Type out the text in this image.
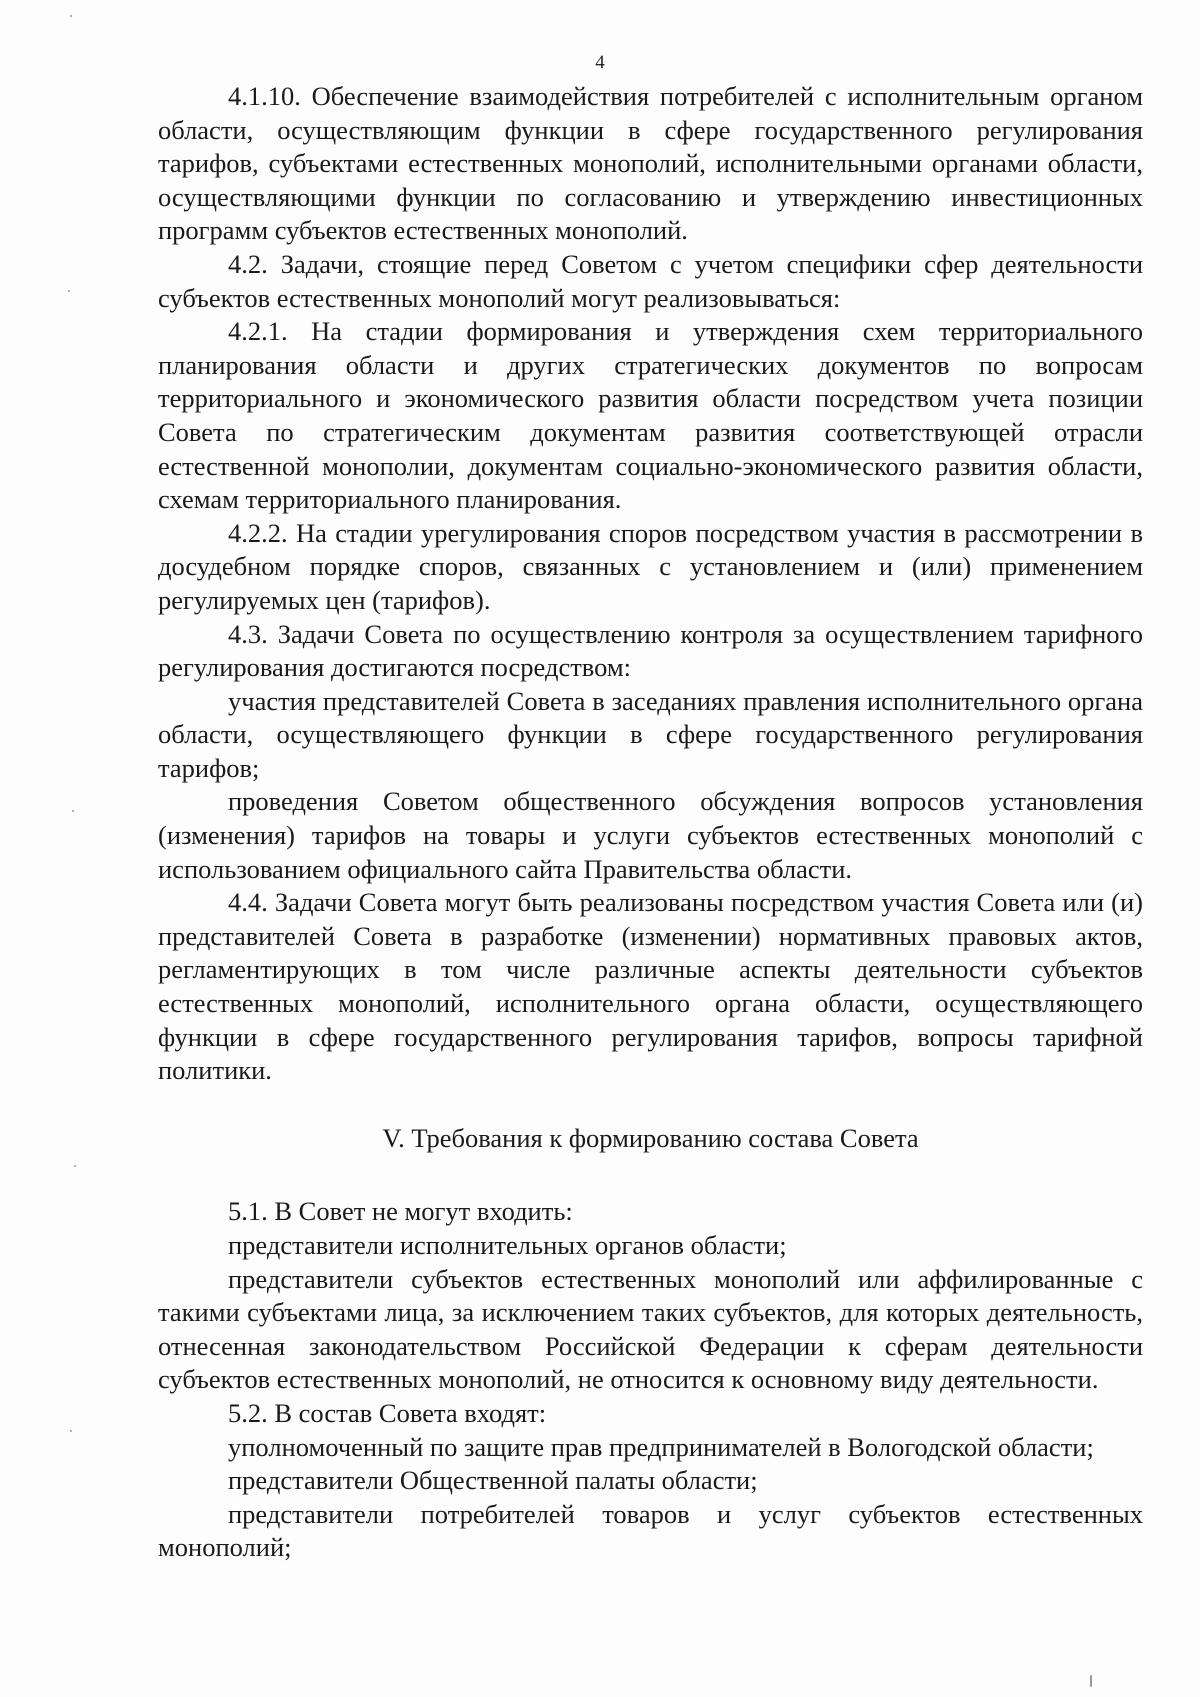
4

4.1.10. Обеспечение взаимодействия потребителей с исполнительным органом области, осуществляющим функции в сфере государственного регулирования тарифов, субъектами естественных монополий, исполнительными органами области, осуществляющими функции по согласованию и утверждению инвестиционных программ субъектов естественных монополий.

4.2. Задачи, стоящие перед Советом с учетом специфики сфер деятельности субъектов естественных монополий могут реализовываться:

4.2.1. На стадии формирования и утверждения схем территориального планирования области и других стратегических документов по вопросам территориального и экономического развития области посредством учета позиции Совета по стратегическим документам развития соответствующей отрасли естественной монополии, документам социально-экономического развития области, схемам территориального планирования.

4.2.2. На стадии урегулирования споров посредством участия в рассмотрении в досудебном порядке споров, связанных с установлением и (или) применением регулируемых цен (тарифов).

4.3. Задачи Совета по осуществлению контроля за осуществлением тарифного регулирования достигаются посредством:

участия представителей Совета в заседаниях правления исполнительного органа области, осуществляющего функции в сфере государственного регулирования тарифов;

проведения Советом общественного обсуждения вопросов установления (изменения) тарифов на товары и услуги субъектов естественных монополий с использованием официального сайта Правительства области.

4.4. Задачи Совета могут быть реализованы посредством участия Совета или (и) представителей Совета в разработке (изменении) нормативных правовых актов, регламентирующих в том числе различные аспекты деятельности субъектов естественных монополий, исполнительного органа области, осуществляющего функции в сфере государственного регулирования тарифов, вопросы тарифной политики.

V. Требования к формированию состава Совета

5.1. В Совет не могут входить:

представители исполнительных органов области;

представители субъектов естественных монополий или аффилированные с такими субъектами лица, за исключением таких субъектов, для которых деятельность, отнесенная законодательством Российской Федерации к сферам деятельности субъектов естественных монополий, не относится к основному виду деятельности.

5.2. В состав Совета входят:

уполномоченный по защите прав предпринимателей в Вологодской области;

представители Общественной палаты области;

представители потребителей товаров и услуг субъектов естественных монополий;
